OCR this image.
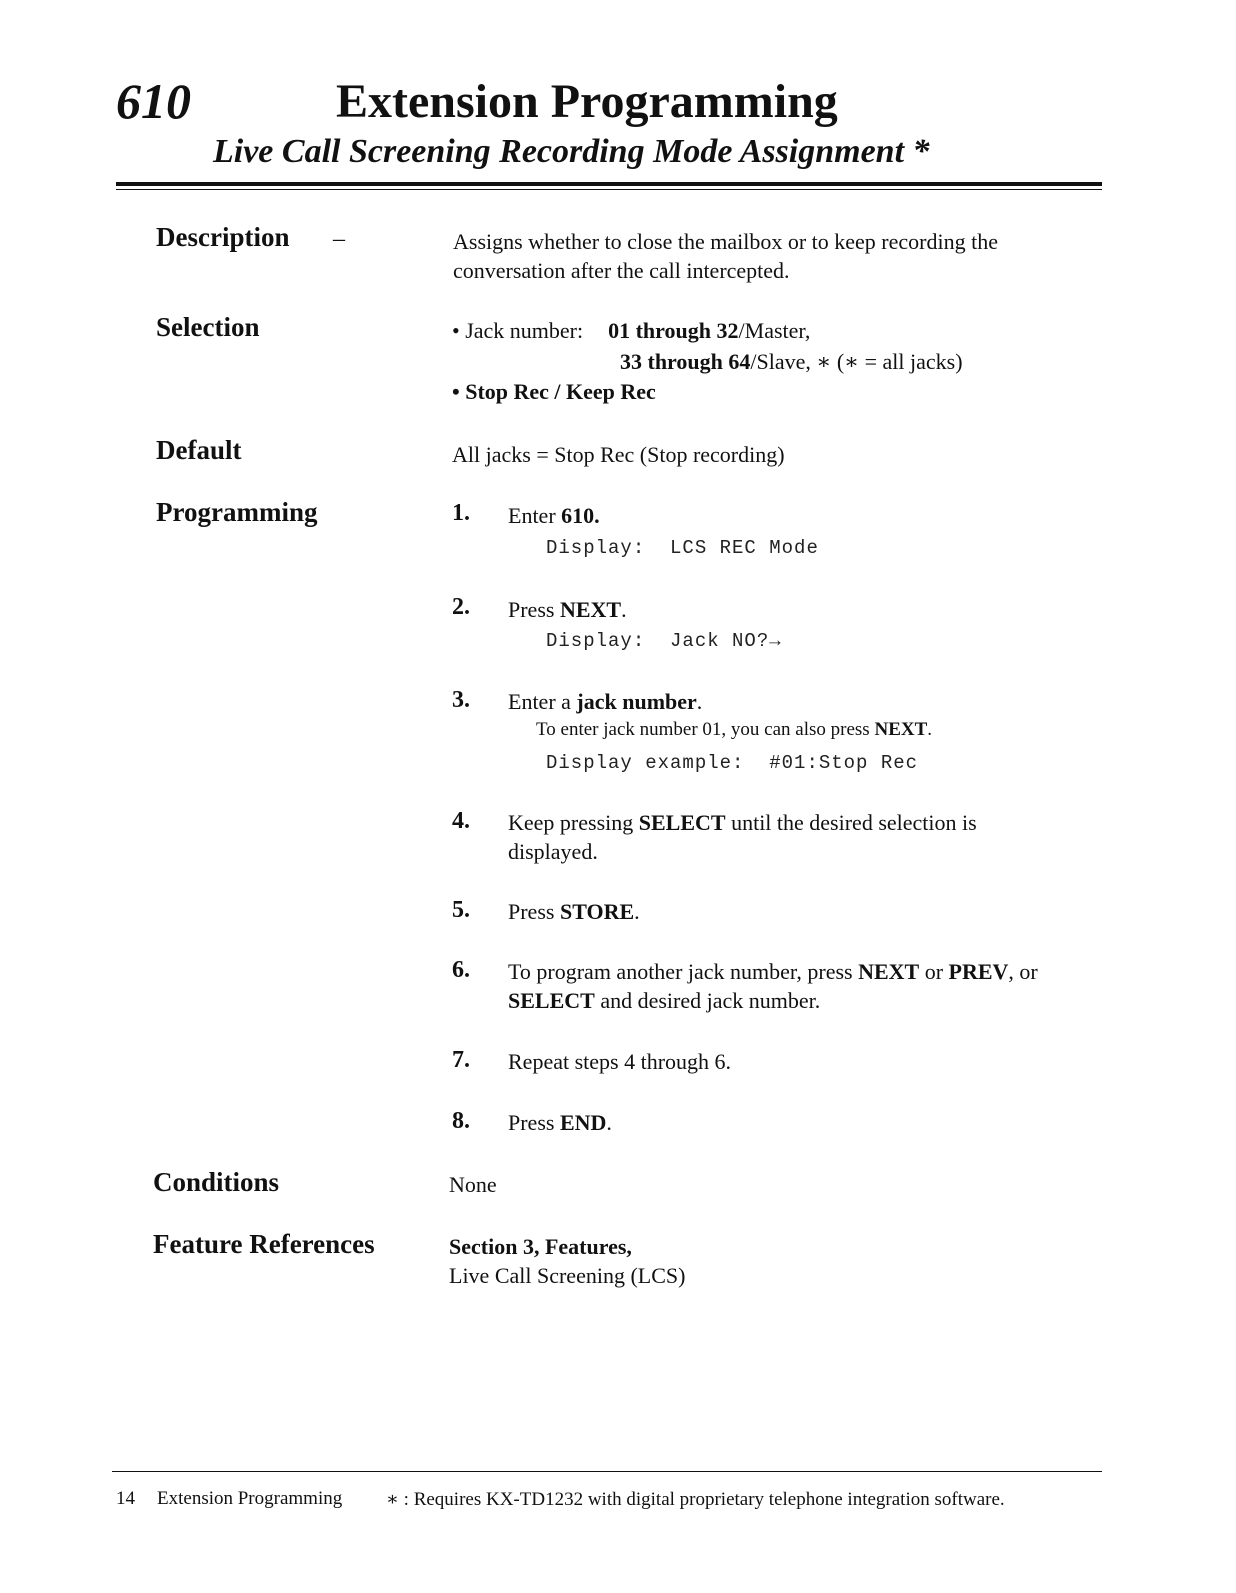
610	Extension Programming
Live Call Screening Recording Mode Assignment *
Description –	Assigns whether to close the mailbox or to keep recording the
conversation after the call intercepted.
Selection	• Jack number: 01 through 32/Master,
33 through 64/Slave, ∗ (∗ = all jacks)
• Stop Rec / Keep Rec
Default	All jacks = Stop Rec (Stop recording)
Programming	1. Enter 610.
Display:  LCS REC Mode
2. Press NEXT.
Display:  Jack NO?→
3. Enter a jack number.
To enter jack number 01, you can also press NEXT.
Display example:  #01:Stop Rec
4. Keep pressing SELECT until the desired selection is
displayed.
5. Press STORE.
6. To program another jack number, press NEXT or PREV, or
SELECT and desired jack number.
7. Repeat steps 4 through 6.
8. Press END.
Conditions	None
Feature References	Section 3, Features,
Live Call Screening (LCS)
14 Extension Programming ∗ : Requires KX-TD1232 with digital proprietary telephone integration software.
